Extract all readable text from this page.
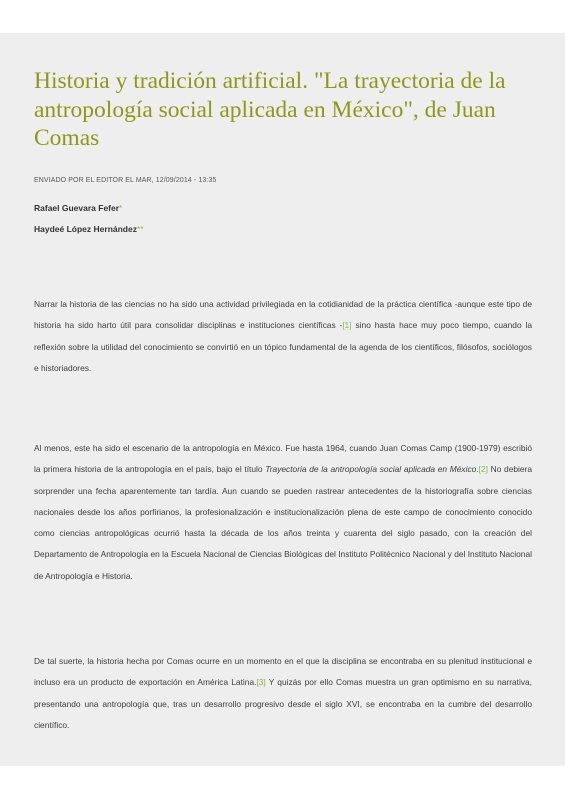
Historia y tradición artificial. "La trayectoria de la antropología social aplicada en México", de Juan Comas
ENVIADO POR EL EDITOR EL MAR, 12/09/2014 - 13:35
Rafael Guevara Fefer*
Haydeé López Hernández**

Narrar la historia de las ciencias no ha sido una actividad privilegiada en la cotidianidad de la práctica científica -aunque este tipo de historia ha sido harto útil para consolidar disciplinas e instituciones científicas -[1] sino hasta hace muy poco tiempo, cuando la reflexión sobre la utilidad del conocimiento se convirtió en un tópico fundamental de la agenda de los científicos, filósofos, sociólogos e historiadores.

Al menos, este ha sido el escenario de la antropología en México. Fue hasta 1964, cuando Juan Comas Camp (1900-1979) escribió la primera historia de la antropología en el país, bajo el título Trayectoria de la antropología social aplicada en México.[2] No debiera sorprender una fecha aparentemente tan tardía. Aun cuando se pueden rastrear antecedentes de la historiografía sobre ciencias nacionales desde los años porfirianos, la profesionalización e institucionalización plena de este campo de conocimiento conocido como ciencias antropológicas ocurrió hasta la década de los años treinta y cuarenta del siglo pasado, con la creación del Departamento de Antropología en la Escuela Nacional de Ciencias Biológicas del Instituto Politécnico Nacional y del Instituto Nacional de Antropología e Historia.

De tal suerte, la historia hecha por Comas ocurre en un momento en el que la disciplina se encontraba en su plenitud institucional e incluso era un producto de exportación en América Latina.[3] Y quizás por ello Comas muestra un gran optimismo en su narrativa, presentando una antropología que, tras un desarrollo progresivo desde el siglo XVI, se encontraba en la cumbre del desarrollo científico.
